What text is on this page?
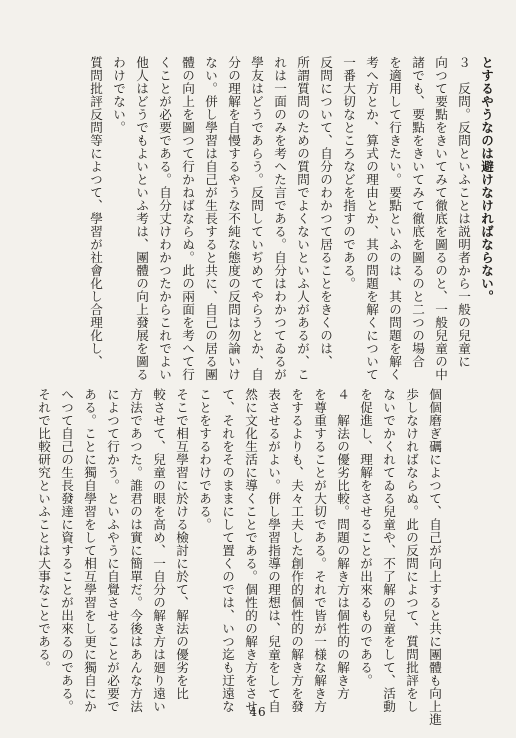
とするやうなのは避けなければならない。
３　反問。反問といふことは説明者から一般の兒童に
向つて要點をきいてみて徹底を圖るのと、一般兒童の中
諸でも、要點をきいてみて徹底を圖るのと二つの場合
を適用して行きたい。要點といふのは、其の問題を解く
考へ方とか、算式の理由とか、其の問題を解くについて
一番大切なところなどを指すのである。
反問について、自分のわかつて居ることをきくのは、
所謂質問のための質問でよくないといふ人があるが、こ
れは一面のみを考へた言である。自分はわかつてゐるが
學友はどうであらう。反問していぢめてやらうとか、自
分の理解を自慢するやうな不純な態度の反問は勿論いけ
ない。併し學習は自己が生長すると共に、自己の居る團
體の向上を圖つて行かねばならぬ。此の兩面を考へて行
くことが必要である。自分丈けわかつたからこれでよい
他人はどうでもよいといふ考は、團體の向上發展を圖る
わけでない。
質問批評反問等によつて、學習が社會化し合理化し、
個個磨ぎ礪によつて、自己が向上すると共に團體も向上進
歩しなければならぬ。此の反問によつて、質問批評をし
ないでかくれてゐる兒童や、不了解の兒童をして、活動
を促進し、理解をさせることが出來るものである。
４　解法の優劣比較。問題の解き方は個性的の解き方
を尊重することが大切である。それで皆が一様な解き方
をするよりも、夫々工夫した創作的個性的の解き方を發
表させるがよい。併し學習指導の理想は、兒童をして自
然に文化生活に導くことである。個性的の解き方をさせ
て、それをそのままにして置くのでは、いつ迄も迂遠な
ことをするわけである。
そこで相互學習に於ける檢討に於て、解法の優劣を比
較させて、兒童の眼を高め、一自分の解き方は廻り遠い
方法であつた。誰君のは實に簡單だ。今後はあんな方法
によつて行かう。といふやうに自覺させることが必要で
ある。ことに獨自學習をして相互學習をし更に獨自にか
へつて自己の生長發達に資することが出來るのである。
それで比較研究といふことは大事なことである。
46
